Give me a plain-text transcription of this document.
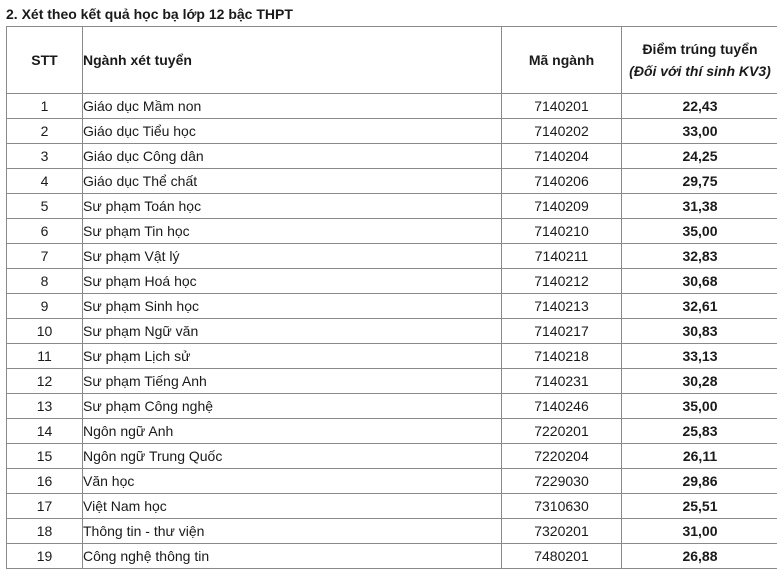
2. Xét theo kết quả học bạ lớp 12 bậc THPT
STT	Ngành xét tuyển	Mã ngành	Điểm trúng tuyển
(Đối với thí sinh KV3)

1	Giáo dục Mầm non	7140201	22,43
2	Giáo dục Tiểu học	7140202	33,00
3	Giáo dục Công dân	7140204	24,25
4	Giáo dục Thể chất	7140206	29,75
5	Sư phạm Toán học	7140209	31,38
6	Sư phạm Tin học	7140210	35,00
7	Sư phạm Vật lý	7140211	32,83
8	Sư phạm Hoá học	7140212	30,68
9	Sư phạm Sinh học	7140213	32,61
10	Sư phạm Ngữ văn	7140217	30,83
11	Sư phạm Lịch sử	7140218	33,13
12	Sư phạm Tiếng Anh	7140231	30,28
13	Sư phạm Công nghệ	7140246	35,00
14	Ngôn ngữ Anh	7220201	25,83
15	Ngôn ngữ Trung Quốc	7220204	26,11
16	Văn học	7229030	29,86
17	Việt Nam học	7310630	25,51
18	Thông tin - thư viện	7320201	31,00
19	Công nghệ thông tin	7480201	26,88
